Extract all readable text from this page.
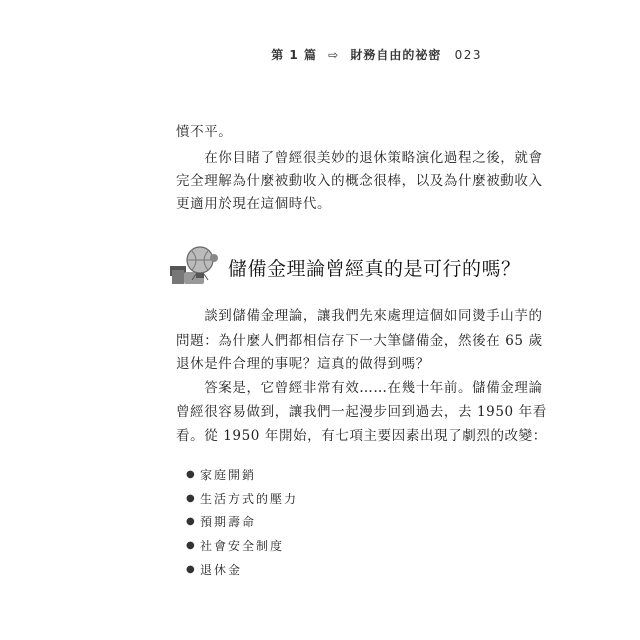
第 1 篇 ⇨ 財務自由的祕密 023
憤不平。
　　在你目睹了曾經很美妙的退休策略演化過程之後，就會
完全理解為什麼被動收入的概念很棒，以及為什麼被動收入
更適用於現在這個時代。
儲備金理論曾經真的是可行的嗎？
　　談到儲備金理論，讓我們先來處理這個如同燙手山芋的
問題：為什麼人們都相信存下一大筆儲備金，然後在 65 歲
退休是件合理的事呢？這真的做得到嗎？
　　答案是，它曾經非常有效……在幾十年前。儲備金理論
曾經很容易做到，讓我們一起漫步回到過去，去 1950 年看
看。從 1950 年開始，有七項主要因素出現了劇烈的改變：
● 家庭開銷
● 生活方式的壓力
● 預期壽命
● 社會安全制度
● 退休金
